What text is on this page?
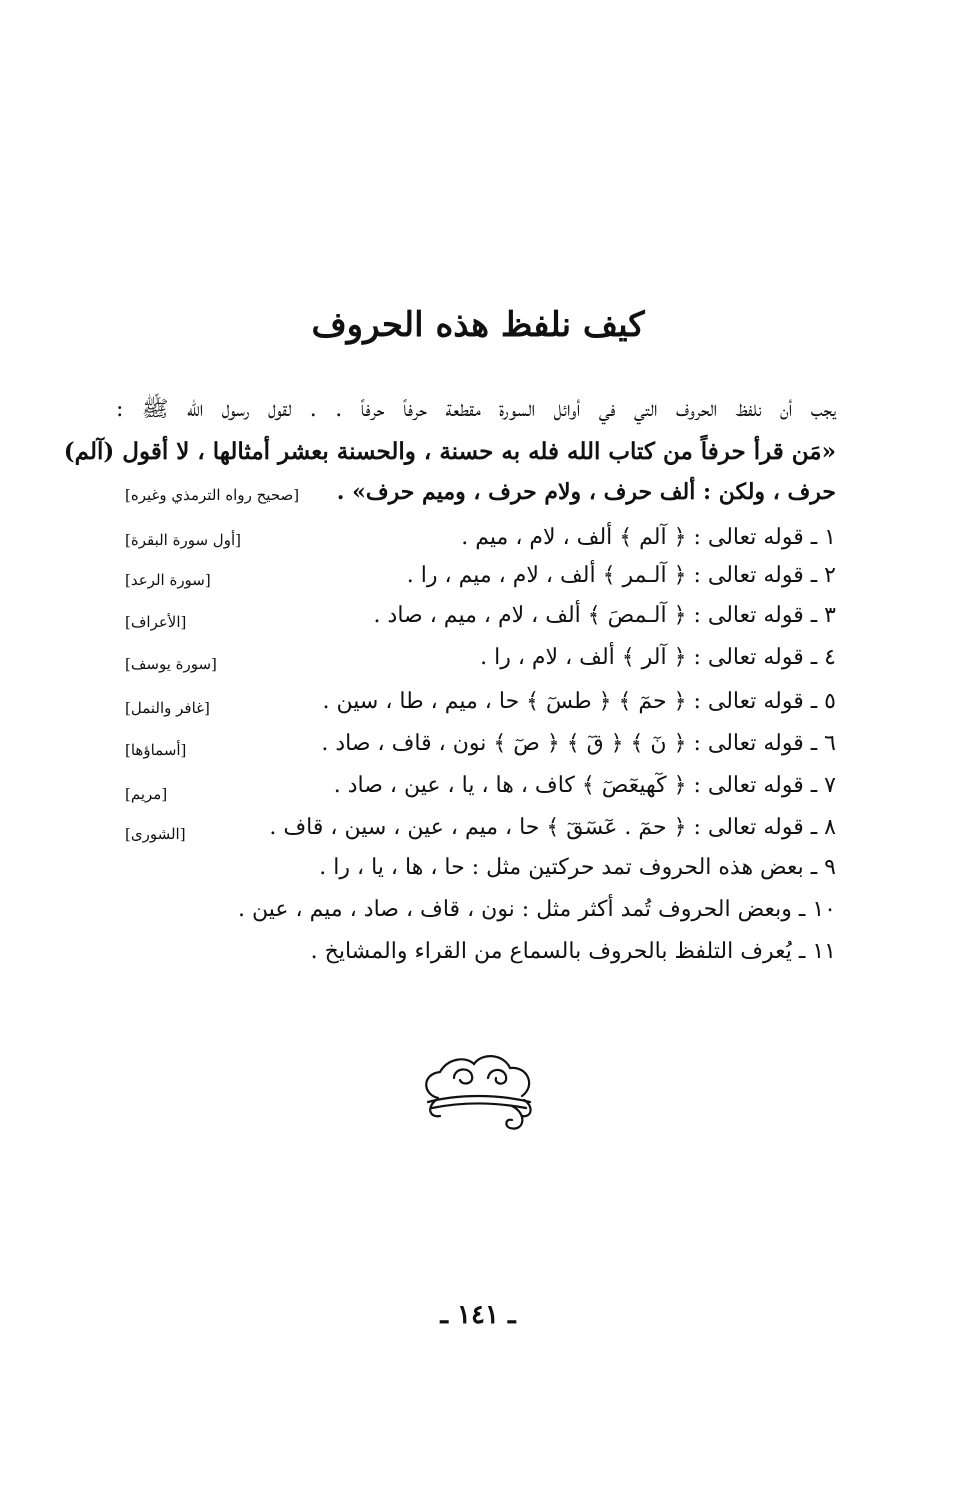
كيف نلفظ هذه الحروف

يجب أن نلفظ الحروف التي في أوائل السورة مقطعة حرفاً حرفاً . . لقول رسول الله ﷺ :

«مَن قرأ حرفاً من كتاب الله فله به حسنة ، والحسنة بعشر أمثالها ، لا أقول (آلم)

حرف ، ولكن : ألف حرف ، ولام حرف ، وميم حرف» .

[صحيح رواه الترمذي وغيره]
١ ـ قوله تعالى : ﴿ آلم ﴾ ألف ، لام ، ميم .
[أول سورة البقرة]
٢ ـ قوله تعالى : ﴿ آلـمر ﴾ ألف ، لام ، ميم ، را .
[سورة الرعد]
٣ ـ قوله تعالى : ﴿ آلـمصَ ﴾ ألف ، لام ، ميم ، صاد .
[الأعراف]
٤ ـ قوله تعالى : ﴿ آلر ﴾ ألف ، لام ، را .
[سورة يوسف]
٥ ـ قوله تعالى : ﴿ حمٓ ﴾ ﴿ طسٓ ﴾ حا ، ميم ، طا ، سين .
[غافر والنمل]
٦ ـ قوله تعالى : ﴿ نٓ ﴾ ﴿ قٓ ﴾ ﴿ صٓ ﴾ نون ، قاف ، صاد .
[أسماؤها]
٧ ـ قوله تعالى : ﴿ كٓهيعٓصٓ ﴾ كاف ، ها ، يا ، عين ، صاد .
[مريم]
٨ ـ قوله تعالى : ﴿ حمٓ . عٓسٓقٓ ﴾ حا ، ميم ، عين ، سين ، قاف .
[الشورى]
٩ ـ بعض هذه الحروف تمد حركتين مثل : حا ، ها ، يا ، را .
١٠ ـ وبعض الحروف تُمد أكثر مثل : نون ، قاف ، صاد ، ميم ، عين .
١١ ـ يُعرف التلفظ بالحروف بالسماع من القراء والمشايخ .
ـ ١٤١ ـ
